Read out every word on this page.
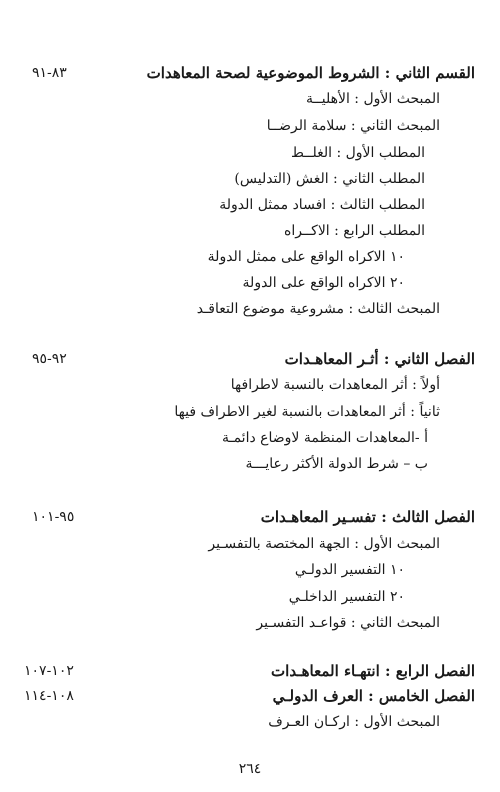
القسم الثاني : الشروط الموضوعية لصحة المعاهدات
٨٣-٩١
المبحث الأول : الأهليــة
المبحث الثاني : سلامة الرضــا
المطلب الأول : الغلــط
المطلب الثاني : الغش (التدليس)
المطلب الثالث : افساد ممثل الدولة
المطلب الرابع : الاكــراه
١٠ الاكراه الواقع على ممثل الدولة
٢٠ الاكراه الواقع على الدولة
المبحث الثالث : مشروعية موضوع التعاقـد
الفصل الثاني : أثـر المعاهـدات
٩٢-٩٥
أولاً : أثر المعاهدات بالنسبة لاطرافها
ثانياً : أثر المعاهدات بالنسبة لغير الاطراف فيها
أ -المعاهدات المنظمة لاوضاع دائمـة
ب – شرط الدولة الأكثر رعايـــة
الفصل الثالث : تفسـير المعاهـدات
٩٥-١٠١
المبحث الأول : الجهة المختصة بالتفسـير
١٠ التفسير الدولـي
٢٠ التفسير الداخلـي
المبحث الثاني : قواعـد التفسـير
الفصل الرابع : انتهـاء المعاهـدات
١٠٢-١٠٧
الفصل الخامس : العرف الدولـي
١٠٨-١١٤
المبحث الأول : اركـان العـرف
٢٦٤
